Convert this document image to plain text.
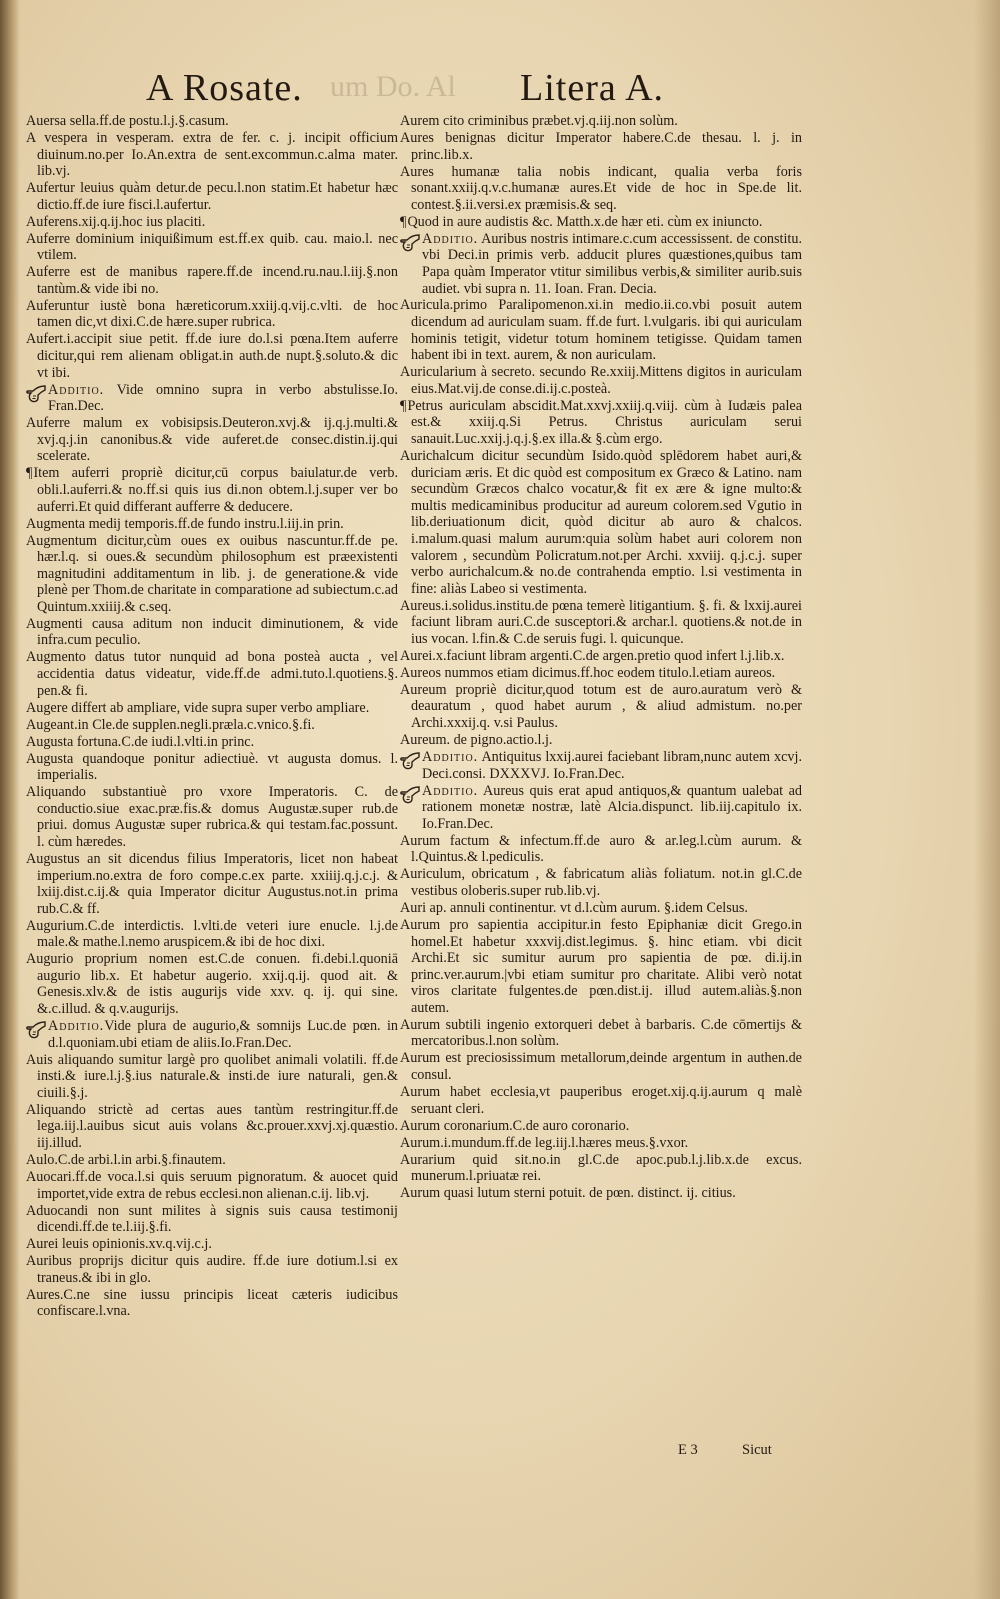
um Do. Al
A Rosate.	Litera A.
Auersa sella.ff.de postu.l.j.§.casum.
A vespera in vesperam. extra de fer. c. j. incipit officium diuinum.no.per Io.An.extra de sent.excommun.c.alma mater. lib.vj.
Aufertur leuius quàm detur.de pecu.l.non statim.Et habetur hæc dictio.ff.de iure fisci.l.aufertur.
Auferens.xij.q.ij.hoc ius placiti.
Auferre dominium iniquißimum est.ff.ex quib. cau. maio.l. nec vtilem.
Auferre est de manibus rapere.ff.de incend.ru.nau.l.iij.§.non tantùm.& vide ibi no.
Auferuntur iustè bona hæreticorum.xxiij.q.vij.c.vlti. de hoc tamen dic,vt dixi.C.de hære.super rubrica.
Aufert.i.accipit siue petit. ff.de iure do.l.si pœna.Item auferre dicitur,qui rem alienam obligat.in auth.de nupt.§.soluto.& dic vt ibi.
Additio. Vide omnino supra in verbo abstulisse.Io. Fran.Dec.
Auferre malum ex vobisipsis.Deuteron.xvj.& ij.q.j.multi.& xvj.q.j.in canonibus.& vide auferet.de consec.distin.ij.qui scelerate.
¶ Item auferri propriè dicitur,cū corpus baiulatur.de verb. obli.l.auferri.& no.ff.si quis ius di.non obtem.l.j.super ver bo auferri.Et quid differant aufferre & deducere.
Augmenta medij temporis.ff.de fundo instru.l.iij.in prin.
Augmentum dicitur,cùm oues ex ouibus nascuntur.ff.de pe. hær.l.q. si oues.& secundùm philosophum est præexistenti magnitudini additamentum in lib. j. de generatione.& vide plenè per Thom.de charitate in comparatione ad subiectum.c.ad Quintum.xxiiij.& c.seq.
Augmenti causa aditum non inducit diminutionem, & vide infra.cum peculio.
Augmento datus tutor nunquid ad bona posteà aucta , vel accidentia datus videatur, vide.ff.de admi.tuto.l.quotiens.§. pen.& fi.
Augere differt ab ampliare, vide supra super verbo ampliare.
Augeant.in Cle.de supplen.negli.præla.c.vnico.§.fi.
Augusta fortuna.C.de iudi.l.vlti.in princ.
Augusta quandoque ponitur adiectiuè. vt augusta domus. l. imperialis.
Aliquando substantiuè pro vxore Imperatoris. C. de conductio.siue exac.præ.fis.& domus Augustæ.super rub.de priui. domus Augustæ super rubrica.& qui testam.fac.possunt. l. cùm hæredes.
Augustus an sit dicendus filius Imperatoris, licet non habeat imperium.no.extra de foro compe.c.ex parte. xxiiij.q.j.c.j. & lxiij.dist.c.ij.& quia Imperator dicitur Augustus.not.in prima rub.C.& ff.
Augurium.C.de interdictis. l.vlti.de veteri iure enucle. l.j.de male.& mathe.l.nemo aruspicem.& ibi de hoc dixi.
Augurio proprium nomen est.C.de conuen. fi.debi.l.quoniā augurio lib.x. Et habetur augerio. xxij.q.ij. quod ait. & Genesis.xlv.& de istis augurijs vide xxv. q. ij. qui sine. &.c.illud. & q.v.augurijs.
Additio.Vide plura de augurio,& somnijs Luc.de pœn. in d.l.quoniam.ubi etiam de aliis.Io.Fran.Dec.
Auis aliquando sumitur largè pro quolibet animali volatili. ff.de insti.& iure.l.j.§.ius naturale.& insti.de iure naturali, gen.& ciuili.§.j.
Aliquando strictè ad certas aues tantùm restringitur.ff.de lega.iij.l.auibus sicut auis volans &c.prouer.xxvj.xj.quæstio. iij.illud.
Aulo.C.de arbi.l.in arbi.§.finautem.
Auocari.ff.de voca.l.si quis seruum pignoratum. & auocet quid importet,vide extra de rebus ecclesi.non alienan.c.ij. lib.vj.
Aduocandi non sunt milites à signis suis causa testimonij dicendi.ff.de te.l.iij.§.fi.
Aurei leuis opinionis.xv.q.vij.c.j.
Auribus proprijs dicitur quis audire. ff.de iure dotium.l.si ex traneus.& ibi in glo.
Aures.C.ne sine iussu principis liceat cæteris iudicibus confiscare.l.vna.
Aurem cito criminibus præbet.vj.q.iij.non solùm.
Aures benignas dicitur Imperator habere.C.de thesau. l. j. in princ.lib.x.
Aures humanæ talia nobis indicant, qualia verba foris sonant.xxiij.q.v.c.humanæ aures.Et vide de hoc in Spe.de lit. contest.§.ii.versi.ex præmisis.& seq.
¶ Quod in aure audistis &c. Matth.x.de hær eti. cùm ex iniuncto.
Additio. Auribus nostris intimare.c.cum accessissent. de constitu. vbi Deci.in primis verb. adducit plures quæstiones,quibus tam Papa quàm Imperator vtitur similibus verbis,& similiter aurib.suis audiet. vbi supra n. 11. Ioan. Fran. Decia.
Auricula.primo Paralipomenon.xi.in medio.ii.co.vbi posuit autem dicendum ad auriculam suam. ff.de furt. l.vulgaris. ibi qui auriculam hominis tetigit, videtur totum hominem tetigisse. Quidam tamen habent ibi in text. aurem, & non auriculam.
Auricularium à secreto. secundo Re.xxiij.Mittens digitos in auriculam eius.Mat.vij.de conse.di.ij.c.posteà.
¶ Petrus auriculam abscidit.Mat.xxvj.xxiij.q.viij. cùm à Iudæis palea est.& xxiij.q.Si Petrus. Christus auriculam serui sanauit.Luc.xxij.j.q.j.§.ex illa.& §.cùm ergo.
Aurichalcum dicitur secundùm Isido.quòd splēdorem habet auri,& duriciam æris. Et dic quòd est compositum ex Græco & Latino. nam secundùm Græcos chalco vocatur,& fit ex ære & igne multo:& multis medicaminibus producitur ad aureum colorem.sed Vgutio in lib.deriuationum dicit, quòd dicitur ab auro & chalcos. i.malum.quasi malum aurum:quia solùm habet auri colorem non valorem , secundùm Policratum.not.per Archi. xxviij. q.j.c.j. super verbo aurichalcum.& no.de contrahenda emptio. l.si vestimenta in fine: aliàs Labeo si vestimenta.
Aureus.i.solidus.institu.de pœna temerè litigantium. §. fi. & lxxij.aurei faciunt libram auri.C.de susceptori.& archar.l. quotiens.& not.de in ius vocan. l.fin.& C.de seruis fugi. l. quicunque.
Aurei.x.faciunt libram argenti.C.de argen.pretio quod infert l.j.lib.x.
Aureos nummos etiam dicimus.ff.hoc eodem titulo.l.etiam aureos.
Aureum propriè dicitur,quod totum est de auro.auratum verò & deauratum , quod habet aurum , & aliud admistum. no.per Archi.xxxij.q. v.si Paulus.
Aureum. de pigno.actio.l.j.
Additio. Antiquitus lxxij.aurei faciebant libram,nunc autem xcvj. Deci.consi. DXXXVJ. Io.Fran.Dec.
Additio. Aureus quis erat apud antiquos,& quantum ualebat ad rationem monetæ nostræ, latè Alcia.dispunct. lib.iij.capitulo ix. Io.Fran.Dec.
Aurum factum & infectum.ff.de auro & ar.leg.l.cùm aurum. & l.Quintus.& l.pediculis.
Auriculum, obricatum , & fabricatum aliàs foliatum. not.in gl.C.de vestibus oloberis.super rub.lib.vj.
Auri ap. annuli continentur. vt d.l.cùm aurum. §.idem Celsus.
Aurum pro sapientia accipitur.in festo Epiphaniæ dicit Grego.in homel.Et habetur xxxvij.dist.legimus. §. hinc etiam. vbi dicit Archi.Et sic sumitur aurum pro sapientia de pœ. di.ij.in princ.ver.aurum.|vbi etiam sumitur pro charitate. Alibi verò notat viros claritate fulgentes.de pœn.dist.ij. illud autem.aliàs.§.non autem.
Aurum subtili ingenio extorqueri debet à barbaris. C.de cōmertijs & mercatoribus.l.non solùm.
Aurum est preciosissimum metallorum,deinde argentum in authen.de consul.
Aurum habet ecclesia,vt pauperibus eroget.xij.q.ij.aurum q malè seruant cleri.
Aurum coronarium.C.de auro coronario.
Aurum.i.mundum.ff.de leg.iij.l.hæres meus.§.vxor.
Aurarium quid sit.no.in gl.C.de apoc.pub.l.j.lib.x.de excus. munerum.l.priuatæ rei.
Aurum quasi lutum sterni potuit. de pœn. distinct. ij. citius.
E 3	Sicut
